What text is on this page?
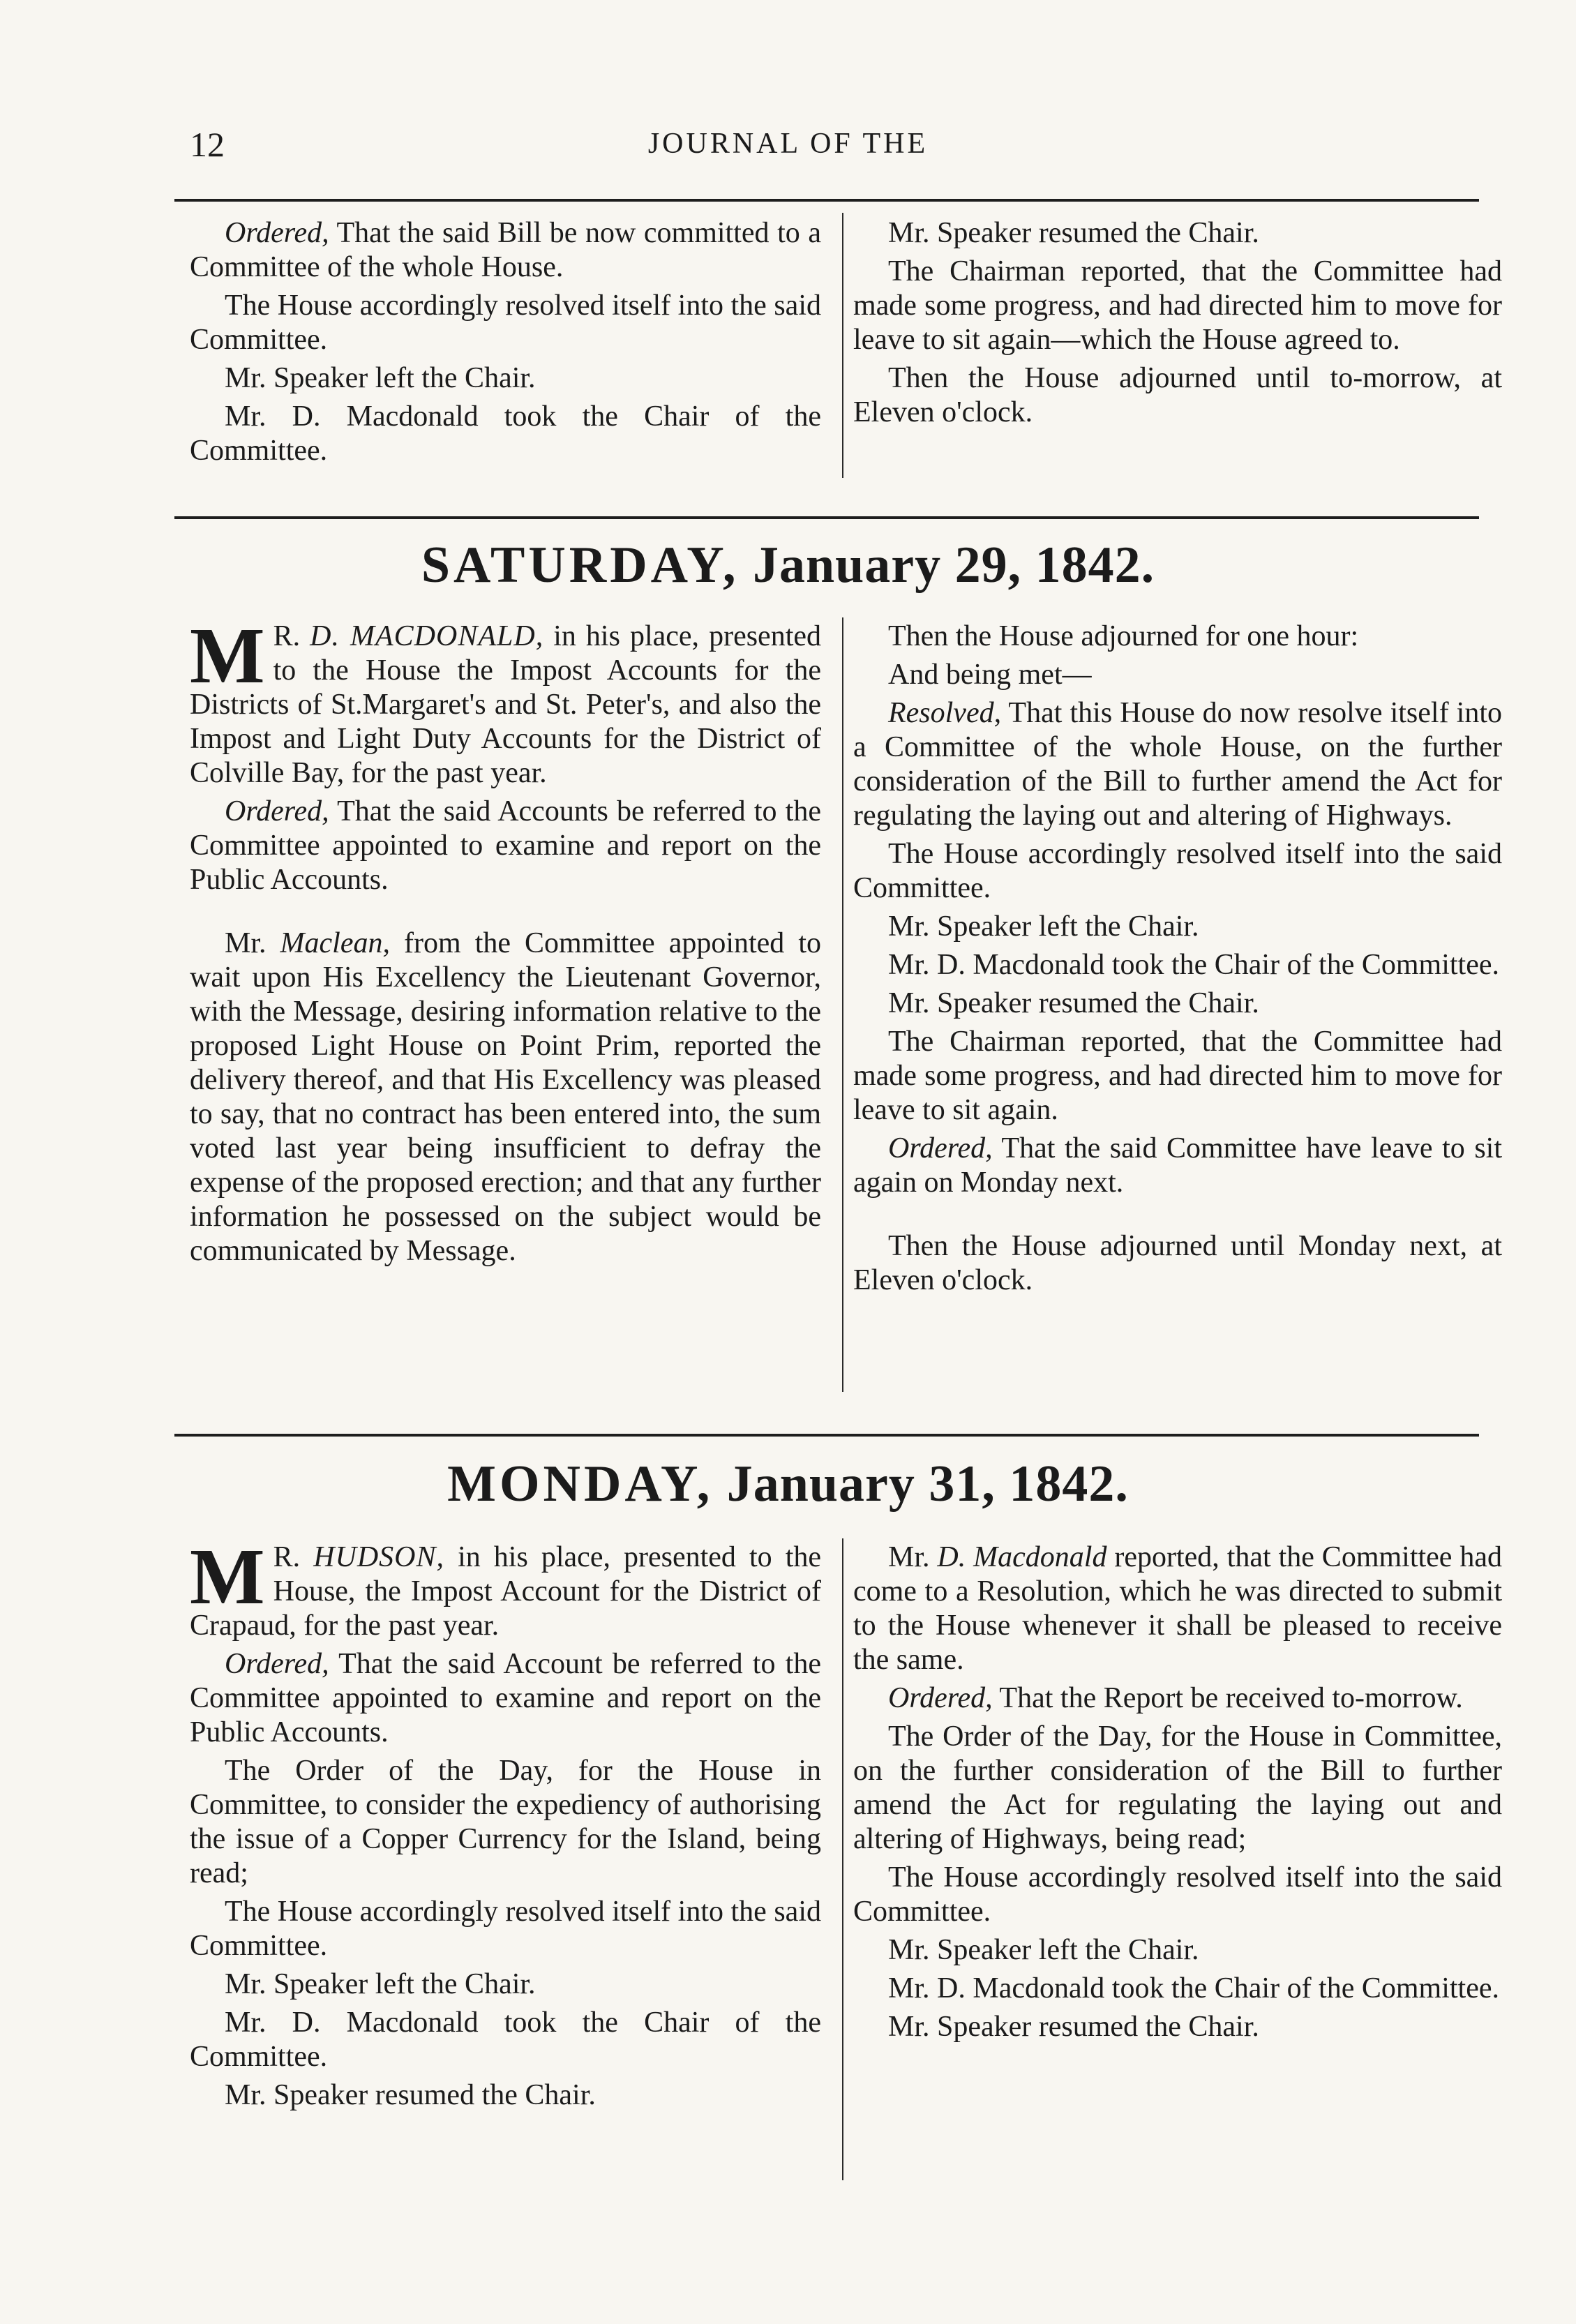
12	JOURNAL OF THE

Ordered, That the said Bill be now committed to a Committee of the whole House.

The House accordingly resolved itself into the said Committee.

Mr. Speaker left the Chair.

Mr. D. Macdonald took the Chair of the Committee.

Mr. Speaker resumed the Chair.

The Chairman reported, that the Committee had made some progress, and had directed him to move for leave to sit again—which the House agreed to.

Then the House adjourned until to-morrow, at Eleven o'clock.

SATURDAY, January 29, 1842.

M R. D. MACDONALD, in his place, presented to the House the Impost Accounts for the Districts of St.Margaret's and St. Peter's, and also the Impost and Light Duty Accounts for the District of Colville Bay, for the past year.

Ordered, That the said Accounts be referred to the Committee appointed to examine and report on the Public Accounts.

Mr. Maclean, from the Committee appointed to wait upon His Excellency the Lieutenant Governor, with the Message, desiring information relative to the proposed Light House on Point Prim, reported the delivery thereof, and that His Excellency was pleased to say, that no contract has been entered into, the sum voted last year being insufficient to defray the expense of the proposed erection; and that any further information he possessed on the subject would be communicated by Message.

Then the House adjourned for one hour:

And being met—

Resolved, That this House do now resolve itself into a Committee of the whole House, on the further consideration of the Bill to further amend the Act for regulating the laying out and altering of Highways.

The House accordingly resolved itself into the said Committee.

Mr. Speaker left the Chair.

Mr. D. Macdonald took the Chair of the Committee.

Mr. Speaker resumed the Chair.

The Chairman reported, that the Committee had made some progress, and had directed him to move for leave to sit again.

Ordered, That the said Committee have leave to sit again on Monday next.

Then the House adjourned until Monday next, at Eleven o'clock.

MONDAY, January 31, 1842.

M R. HUDSON, in his place, presented to the House, the Impost Account for the District of Crapaud, for the past year.

Ordered, That the said Account be referred to the Committee appointed to examine and report on the Public Accounts.

The Order of the Day, for the House in Committee, to consider the expediency of authorising the issue of a Copper Currency for the Island, being read;

The House accordingly resolved itself into the said Committee.

Mr. Speaker left the Chair.

Mr. D. Macdonald took the Chair of the Committee.

Mr. Speaker resumed the Chair.

Mr. D. Macdonald reported, that the Committee had come to a Resolution, which he was directed to submit to the House whenever it shall be pleased to receive the same.

Ordered, That the Report be received to-morrow.

The Order of the Day, for the House in Committee, on the further consideration of the Bill to further amend the Act for regulating the laying out and altering of Highways, being read;

The House accordingly resolved itself into the said Committee.

Mr. Speaker left the Chair.

Mr. D. Macdonald took the Chair of the Committee.

Mr. Speaker resumed the Chair.
